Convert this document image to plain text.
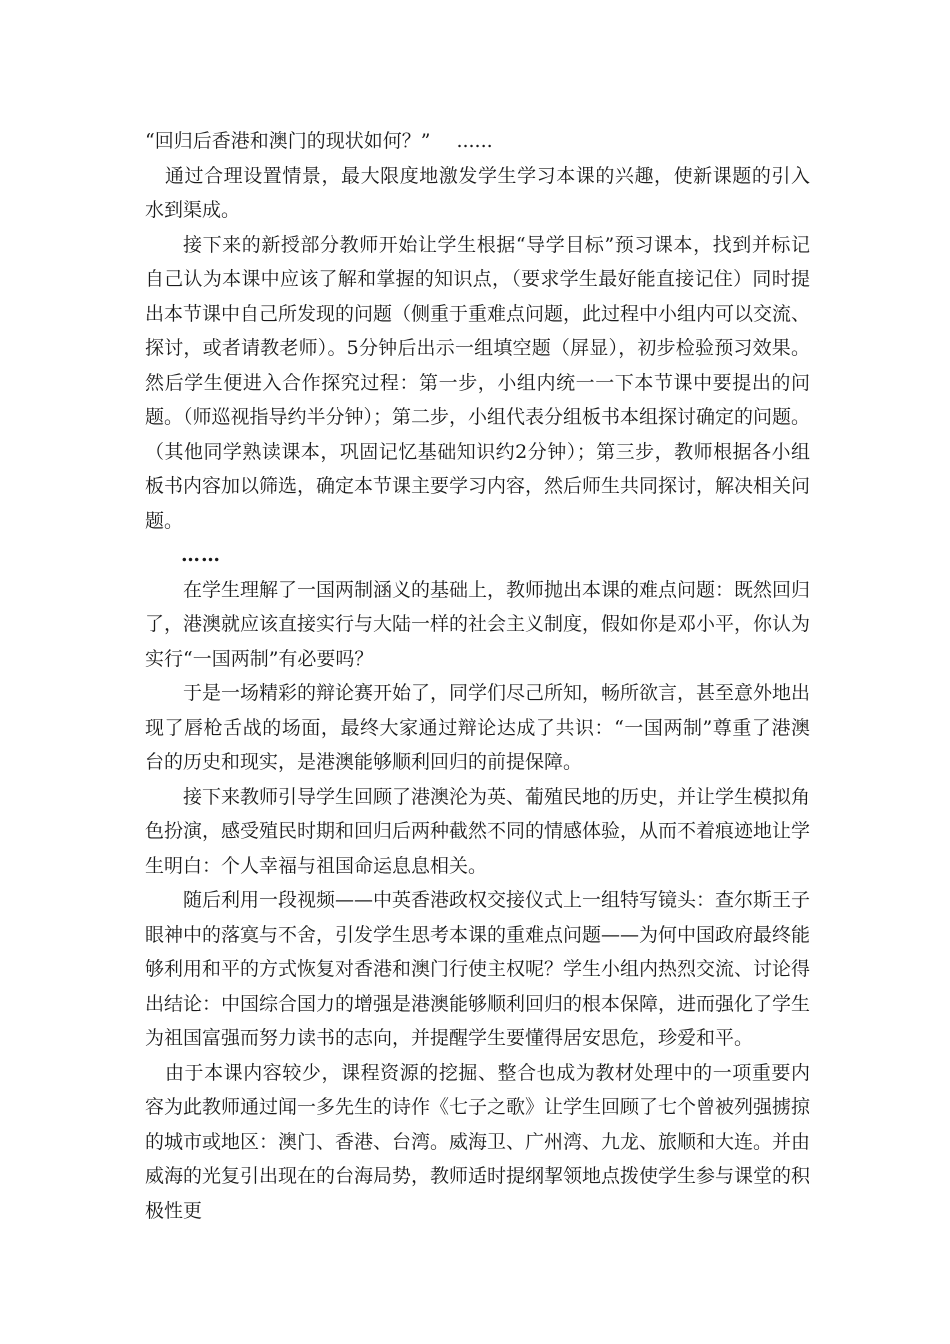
“回归后香港和澳门的现状如何？” ......

通过合理设置情景，最大限度地激发学生学习本课的兴趣，使新课题的引入水到渠成。

接下来的新授部分教师开始让学生根据“导学目标”预习课本，找到并标记自己认为本课中应该了解和掌握的知识点，（要求学生最好能直接记住）同时提出本节课中自己所发现的问题（侧重于重难点问题，此过程中小组内可以交流、探讨，或者请教老师）。5分钟后出示一组填空题（屏显），初步检验预习效果。然后学生便进入合作探究过程：第一步，小组内统一一下本节课中要提出的问题。（师巡视指导约半分钟）；第二步，小组代表分组板书本组探讨确定的问题。（其他同学熟读课本，巩固记忆基础知识约2分钟）；第三步，教师根据各小组板书内容加以筛选，确定本节课主要学习内容，然后师生共同探讨，解决相关问题。

……

在学生理解了一国两制涵义的基础上，教师抛出本课的难点问题：既然回归了，港澳就应该直接实行与大陆一样的社会主义制度，假如你是邓小平，你认为实行“一国两制”有必要吗？

于是一场精彩的辩论赛开始了，同学们尽己所知，畅所欲言，甚至意外地出现了唇枪舌战的场面，最终大家通过辩论达成了共识：“一国两制”尊重了港澳台的历史和现实，是港澳能够顺利回归的前提保障。

接下来教师引导学生回顾了港澳沦为英、葡殖民地的历史，并让学生模拟角色扮演，感受殖民时期和回归后两种截然不同的情感体验，从而不着痕迹地让学生明白：个人幸福与祖国命运息息相关。

随后利用一段视频——中英香港政权交接仪式上一组特写镜头：查尔斯王子眼神中的落寞与不舍，引发学生思考本课的重难点问题——为何中国政府最终能够利用和平的方式恢复对香港和澳门行使主权呢？学生小组内热烈交流、讨论得出结论：中国综合国力的增强是港澳能够顺利回归的根本保障，进而强化了学生为祖国富强而努力读书的志向，并提醒学生要懂得居安思危，珍爱和平。

由于本课内容较少，课程资源的挖掘、整合也成为教材处理中的一项重要内容为此教师通过闻一多先生的诗作《七子之歌》让学生回顾了七个曾被列强掳掠的城市或地区：澳门、香港、台湾。威海卫、广州湾、九龙、旅顺和大连。并由威海的光复引出现在的台海局势，教师适时提纲挈领地点拨使学生参与课堂的积极性更
